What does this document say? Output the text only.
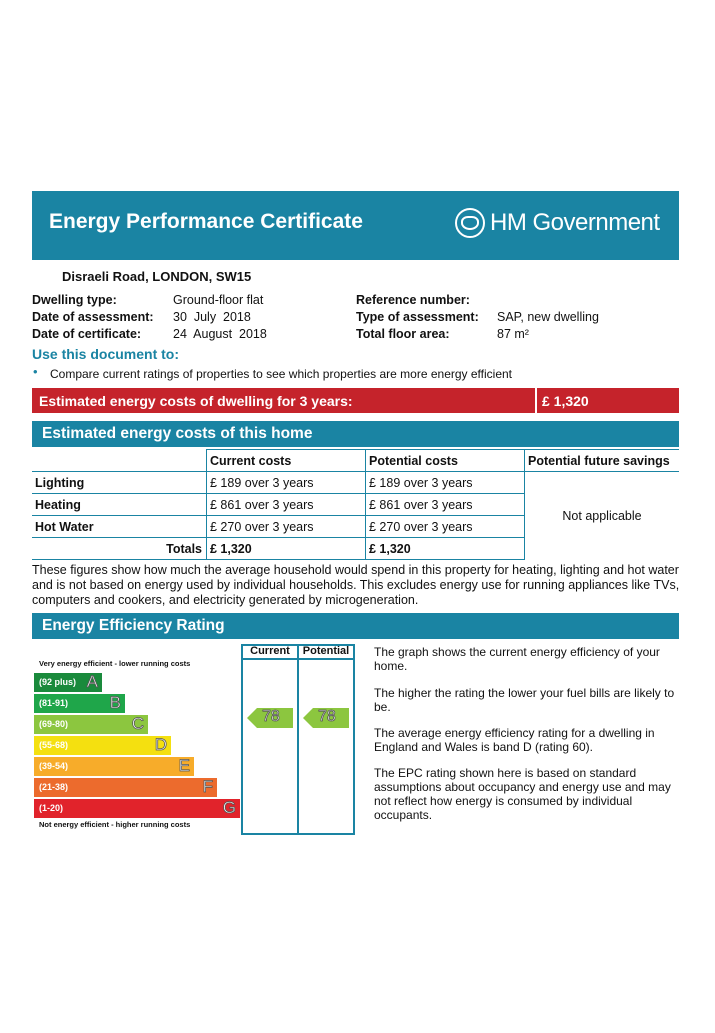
Energy Performance Certificate	HM Government
Disraeli Road, LONDON, SW15
Dwelling type:	Ground-floor flat
Date of assessment: 30  July  2018
Date of certificate:	24  August  2018
Reference number:
Type of assessment: SAP, new dwelling
Total floor area:	87 m²
Use this document to:
• Compare current ratings of properties to see which properties are more energy efficient
Estimated energy costs of dwelling for 3 years:	£ 1,320
Estimated energy costs of this home
	Current costs	Potential costs	Potential future savings
Lighting	£ 189 over 3 years	£ 189 over 3 years	Not applicable
Heating	£ 861 over 3 years	£ 861 over 3 years	
Hot Water	£ 270 over 3 years	£ 270 over 3 years	
Totals	£ 1,320	£ 1,320	
These figures show how much the average household would spend in this property for heating, lighting and hot water and is not based on energy used by individual households. This excludes energy use for running appliances like TVs, computers and cookers, and electricity generated by microgeneration.
Energy Efficiency Rating
Very energy efficient - lower running costs
Not energy efficient - higher running costs
(92 plus) A
(81-91) B
(69-80)	C
(55-68)	D
(39-54)	E
(21-38)	F
(1-20)	G
Current	Potential
78 78
The graph shows the current energy efficiency of your home.
The higher the rating the lower your fuel bills are likely to be.
The average energy efficiency rating for a dwelling in England and Wales is band D (rating 60).
The EPC rating shown here is based on standard assumptions about occupancy and energy use and may not reflect how energy is consumed by individual occupants.
